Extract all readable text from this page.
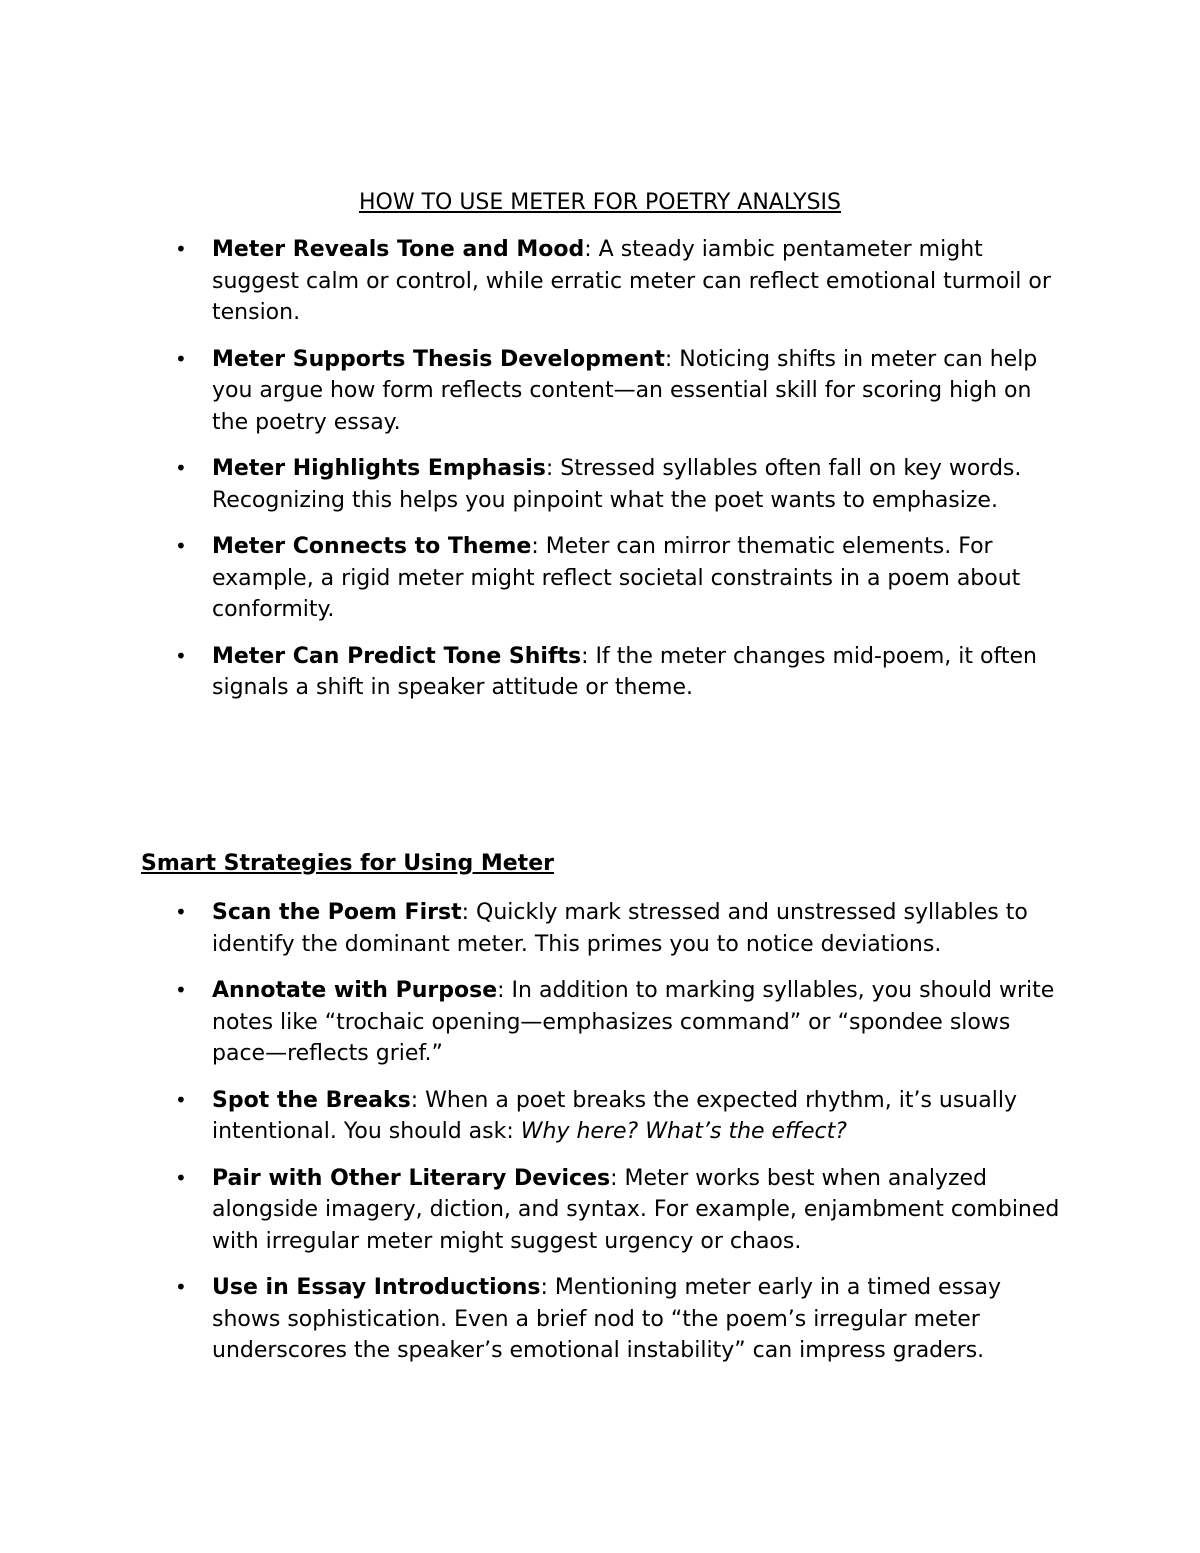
HOW TO USE METER FOR POETRY ANALYSIS
• Meter Reveals Tone and Mood: A steady iambic pentameter might suggest calm or control, while erratic meter can reflect emotional turmoil or tension.
• Meter Supports Thesis Development: Noticing shifts in meter can help you argue how form reflects content—an essential skill for scoring high on the poetry essay.
• Meter Highlights Emphasis: Stressed syllables often fall on key words. Recognizing this helps you pinpoint what the poet wants to emphasize.
• Meter Connects to Theme: Meter can mirror thematic elements. For example, a rigid meter might reflect societal constraints in a poem about conformity.
• Meter Can Predict Tone Shifts: If the meter changes mid-poem, it often signals a shift in speaker attitude or theme.
Smart Strategies for Using Meter
• Scan the Poem First: Quickly mark stressed and unstressed syllables to identify the dominant meter. This primes you to notice deviations.
• Annotate with Purpose: In addition to marking syllables, you should write notes like “trochaic opening—emphasizes command” or “spondee slows pace—reflects grief.”
• Spot the Breaks: When a poet breaks the expected rhythm, it’s usually intentional. You should ask: Why here? What’s the effect?
• Pair with Other Literary Devices: Meter works best when analyzed alongside imagery, diction, and syntax. For example, enjambment combined with irregular meter might suggest urgency or chaos.
• Use in Essay Introductions: Mentioning meter early in a timed essay shows sophistication. Even a brief nod to “the poem’s irregular meter underscores the speaker’s emotional instability” can impress graders.
